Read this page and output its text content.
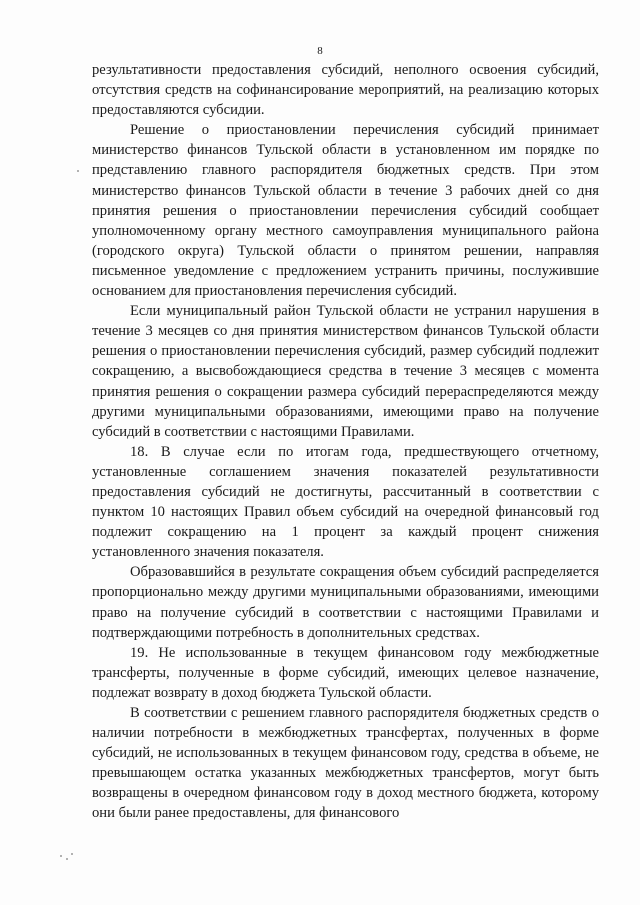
8

результативности предоставления субсидий, неполного освоения субсидий, отсутствия средств на софинансирование мероприятий, на реализацию которых предоставляются субсидии.

Решение о приостановлении перечисления субсидий принимает министерство финансов Тульской области в установленном им порядке по представлению главного распорядителя бюджетных средств. При этом министерство финансов Тульской области в течение 3 рабочих дней со дня принятия решения о приостановлении перечисления субсидий сообщает уполномоченному органу местного самоуправления муниципального района (городского округа) Тульской области о принятом решении, направляя письменное уведомление с предложением устранить причины, послужившие основанием для приостановления перечисления субсидий.

Если муниципальный район Тульской области не устранил нарушения в течение 3 месяцев со дня принятия министерством финансов Тульской области решения о приостановлении перечисления субсидий, размер субсидий подлежит сокращению, а высвобождающиеся средства в течение 3 месяцев с момента принятия решения о сокращении размера субсидий перераспределяются между другими муниципальными образованиями, имеющими право на получение субсидий в соответствии с настоящими Правилами.

18. В случае если по итогам года, предшествующего отчетному, установленные соглашением значения показателей результативности предоставления субсидий не достигнуты, рассчитанный в соответствии с пунктом 10 настоящих Правил объем субсидий на очередной финансовый год подлежит сокращению на 1 процент за каждый процент снижения установленного значения показателя.

Образовавшийся в результате сокращения объем субсидий распределяется пропорционально между другими муниципальными образованиями, имеющими право на получение субсидий в соответствии с настоящими Правилами и подтверждающими потребность в дополнительных средствах.

19. Не использованные в текущем финансовом году межбюджетные трансферты, полученные в форме субсидий, имеющих целевое назначение, подлежат возврату в доход бюджета Тульской области.

В соответствии с решением главного распорядителя бюджетных средств о наличии потребности в межбюджетных трансфертах, полученных в форме субсидий, не использованных в текущем финансовом году, средства в объеме, не превышающем остатка указанных межбюджетных трансфертов, могут быть возвращены в очередном финансовом году в доход местного бюджета, которому они были ранее предоставлены, для финансового
